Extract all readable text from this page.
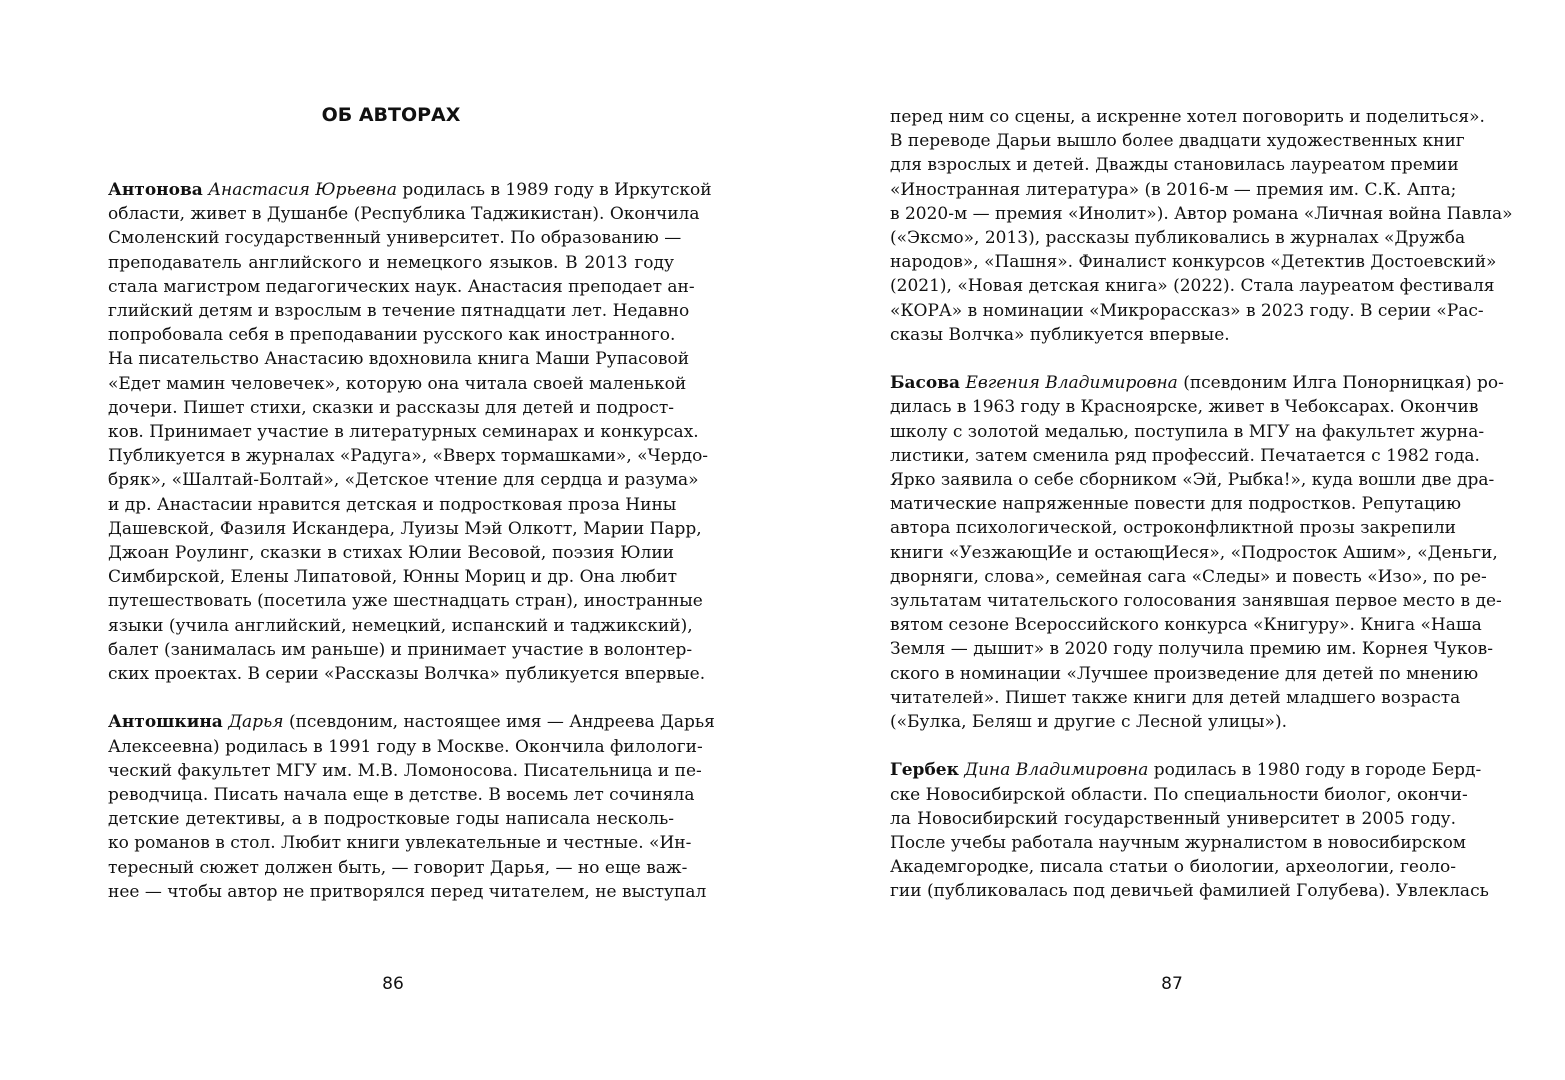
ОБ АВТОРАХ
Антонова Анастасия Юрьевна родилась в 1989 году в Иркутской
области, живет в Душанбе (Республика Таджикистан). Окончила
Смоленский государственный университет. По образованию —
преподаватель английского и немецкого языков. В 2013 году
стала магистром педагогических наук. Анастасия преподает ан-
глийский детям и взрослым в течение пятнадцати лет. Недавно
попробовала себя в преподавании русского как иностранного.
На писательство Анастасию вдохновила книга Маши Рупасовой
«Едет мамин человечек», которую она читала своей маленькой
дочери. Пишет стихи, сказки и рассказы для детей и подрост-
ков. Принимает участие в литературных семинарах и конкурсах.
Публикуется в журналах «Радуга», «Вверх тормашками», «Чердо-
бряк», «Шалтай-Болтай», «Детское чтение для сердца и разума»
и др. Анастасии нравится детская и подростковая проза Нины
Дашевской, Фазиля Искандера, Луизы Мэй Олкотт, Марии Парр,
Джоан Роулинг, сказки в стихах Юлии Весовой, поэзия Юлии
Симбирской, Елены Липатовой, Юнны Мориц и др. Она любит
путешествовать (посетила уже шестнадцать стран), иностранные
языки (учила английский, немецкий, испанский и таджикский),
балет (занималась им раньше) и принимает участие в волонтер-
ских проектах. В серии «Рассказы Волчка» публикуется впервые.
Антошкина Дарья (псевдоним, настоящее имя — Андреева Дарья
Алексеевна) родилась в 1991 году в Москве. Окончила филологи-
ческий факультет МГУ им. М.В. Ломоносова. Писательница и пе-
реводчица. Писать начала еще в детстве. В восемь лет сочиняла
детские детективы, а в подростковые годы написала несколь-
ко романов в стол. Любит книги увлекательные и честные. «Ин-
тересный сюжет должен быть, — говорит Дарья, — но еще важ-
нее — чтобы автор не притворялся перед читателем, не выступал
86
перед ним со сцены, а искренне хотел поговорить и поделиться».
В переводе Дарьи вышло более двадцати художественных книг
для взрослых и детей. Дважды становилась лауреатом премии
«Иностранная литература» (в 2016-м — премия им. С.К. Апта;
в 2020-м — премия «Инолит»). Автор романа «Личная война Павла»
(«Эксмо», 2013), рассказы публиковались в журналах «Дружба
народов», «Пашня». Финалист конкурсов «Детектив Достоевский»
(2021), «Новая детская книга» (2022). Стала лауреатом фестиваля
«КОРА» в номинации «Микрорассказ» в 2023 году. В серии «Рас-
сказы Волчка» публикуется впервые.
Басова Евгения Владимировна (псевдоним Илга Понорницкая) ро-
дилась в 1963 году в Красноярске, живет в Чебоксарах. Окончив
школу с золотой медалью, поступила в МГУ на факультет журна-
листики, затем сменила ряд профессий. Печатается с 1982 года.
Ярко заявила о себе сборником «Эй, Рыбка!», куда вошли две дра-
матические напряженные повести для подростков. Репутацию
автора психологической, остроконфликтной прозы закрепили
книги «УезжающИе и остающИеся», «Подросток Ашим», «Деньги,
дворняги, слова», семейная сага «Следы» и повесть «Изо», по ре-
зультатам читательского голосования занявшая первое место в де-
вятом сезоне Всероссийского конкурса «Книгуру». Книга «Наша
Земля — дышит» в 2020 году получила премию им. Корнея Чуков-
ского в номинации «Лучшее произведение для детей по мнению
читателей». Пишет также книги для детей младшего возраста
(«Булка, Беляш и другие с Лесной улицы»).
Гербек Дина Владимировна родилась в 1980 году в городе Берд-
ске Новосибирской области. По специальности биолог, окончи-
ла Новосибирский государственный университет в 2005 году.
После учебы работала научным журналистом в новосибирском
Академгородке, писала статьи о биологии, археологии, геоло-
гии (публиковалась под девичьей фамилией Голубева). Увлеклась
87
